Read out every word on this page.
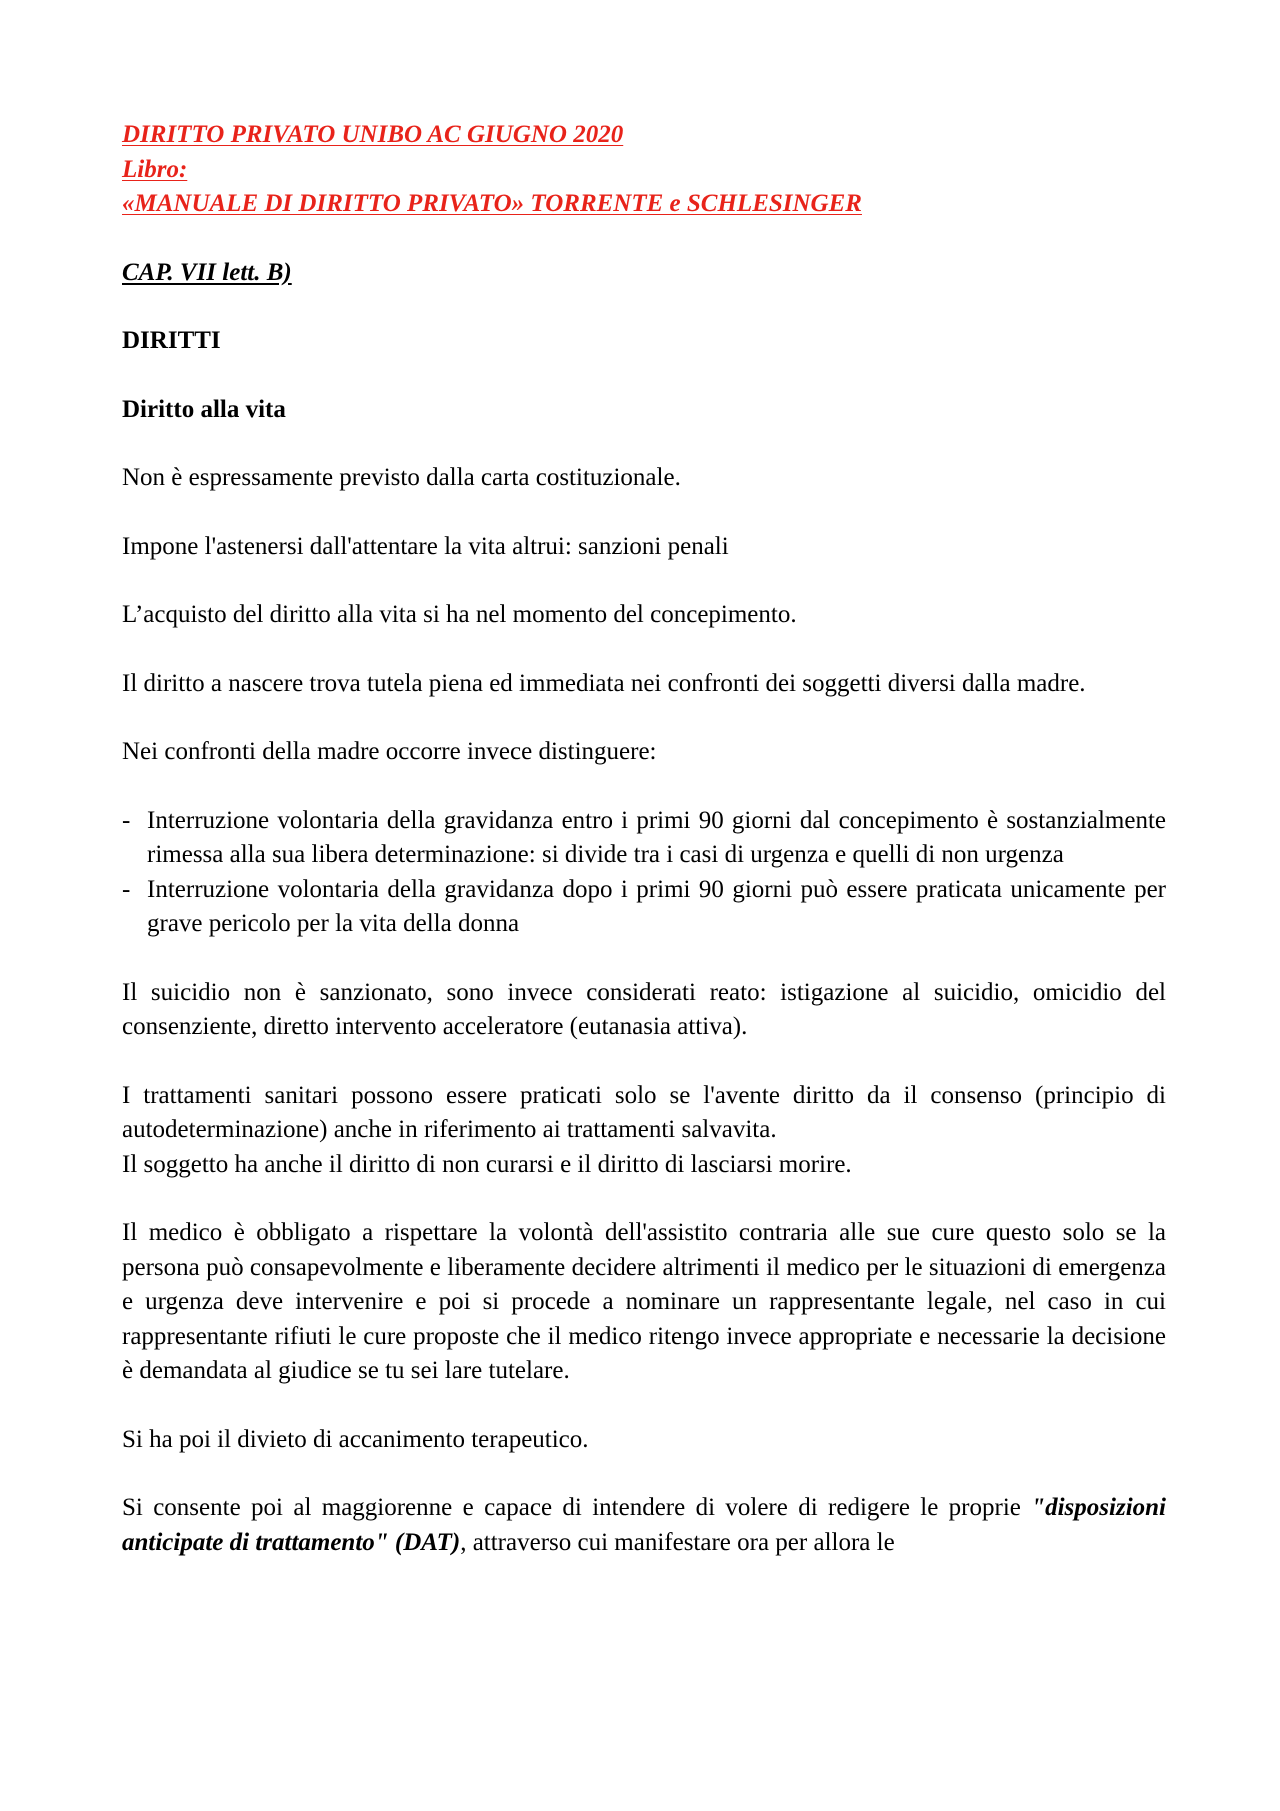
DIRITTO PRIVATO UNIBO AC GIUGNO 2020
Libro:
«MANUALE DI DIRITTO PRIVATO» TORRENTE e SCHLESINGER
CAP. VII lett. B)
DIRITTI
Diritto alla vita

Non è espressamente previsto dalla carta costituzionale.

Impone l'astenersi dall'attentare la vita altrui: sanzioni penali

L’acquisto del diritto alla vita si ha nel momento del concepimento.

Il diritto a nascere trova tutela piena ed immediata nei confronti dei soggetti diversi dalla madre.

Nei confronti della madre occorre invece distinguere:

- Interruzione volontaria della gravidanza entro i primi 90 giorni dal concepimento è sostanzialmente rimessa alla sua libera determinazione: si divide tra i casi di urgenza e quelli di non urgenza
- Interruzione volontaria della gravidanza dopo i primi 90 giorni può essere praticata unicamente per grave pericolo per la vita della donna

Il suicidio non è sanzionato, sono invece considerati reato: istigazione al suicidio, omicidio del consenziente, diretto intervento acceleratore (eutanasia attiva).

I trattamenti sanitari possono essere praticati solo se l'avente diritto da il consenso (principio di autodeterminazione) anche in riferimento ai trattamenti salvavita.

Il soggetto ha anche il diritto di non curarsi e il diritto di lasciarsi morire.

Il medico è obbligato a rispettare la volontà dell'assistito contraria alle sue cure questo solo se la persona può consapevolmente e liberamente decidere altrimenti il medico per le situazioni di emergenza e urgenza deve intervenire e poi si procede a nominare un rappresentante legale, nel caso in cui rappresentante rifiuti le cure proposte che il medico ritengo invece appropriate e necessarie la decisione è demandata al giudice se tu sei lare tutelare.

Si ha poi il divieto di accanimento terapeutico.

Si consente poi al maggiorenne e capace di intendere di volere di redigere le proprie "disposizioni anticipate di trattamento" (DAT), attraverso cui manifestare ora per allora le
